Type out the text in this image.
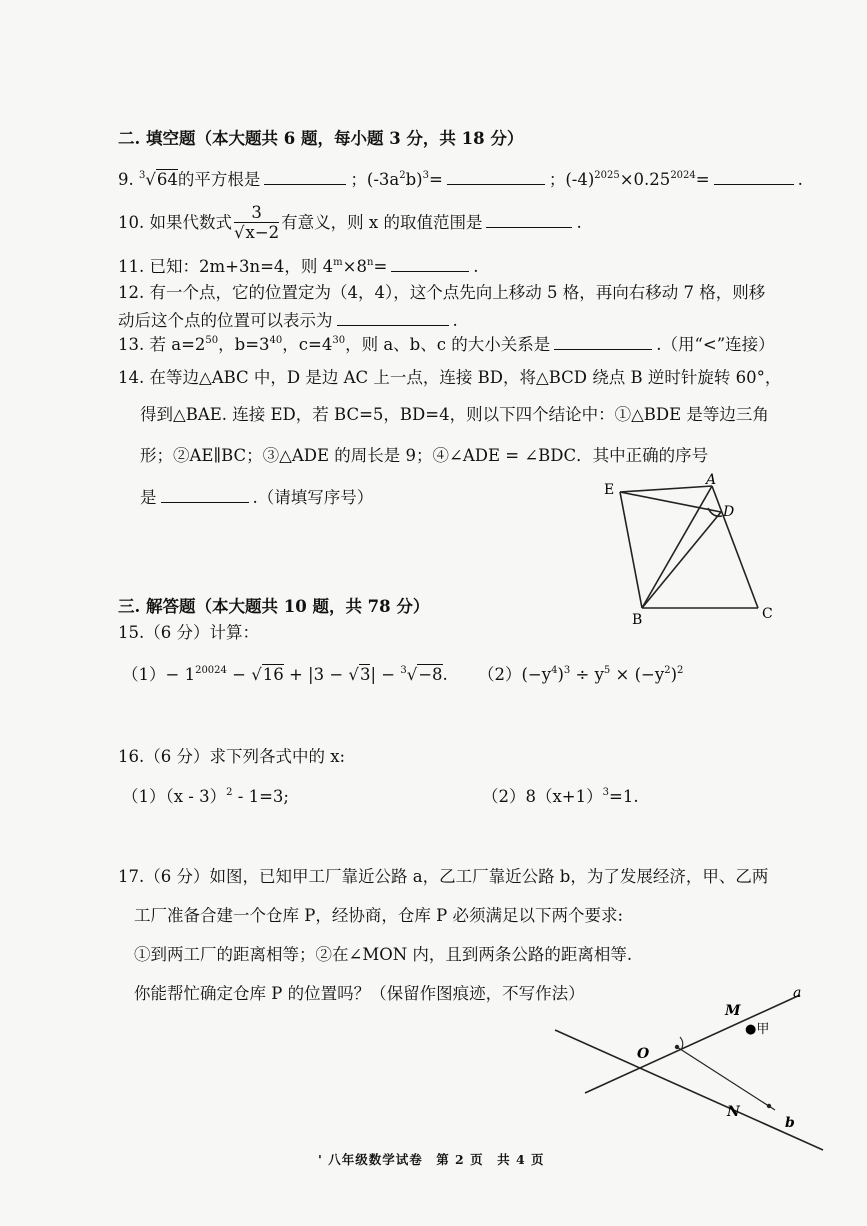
二. 填空题（本大题共 6 题，每小题 3 分，共 18 分）
9. $^3$√64的平方根是	；$(-3a^2b)^3=$	；$(-4)^{2025}\times 0.25^{2024}=$	.
10. 如果代数式 $\frac{3}{√x-2}$ 有意义，则 x 的取值范围是	.
11. 已知：2m+3n=4，则 $4^m\times 8^n=$	.
12. 有一个点，它的位置定为（4，4），这个点先向上移动 5 格，再向右移动 7 格，则移
动后这个点的位置可以表示为	.
13. 若 $a=2^{50}$，$b=3^{40}$，$c=4^{30}$，则 a、b、c 的大小关系是	.（用“<”连接）
14. 在等边△ABC 中，D 是边 AC 上一点，连接 BD，将△BCD 绕点 B 逆时针旋转 60°，
得到△BAE. 连接 ED，若 BC=5，BD=4，则以下四个结论中：①△BDE 是等边三角
形；②AE∥BC；③△ADE 的周长是 9；④∠ADE = ∠BDC．其中正确的序号
是	.（请填写序号）	E
A
D
B	C
三. 解答题（本大题共 10 题，共 78 分）
15.（6 分）计算：
$(1)- 1^{20024} - √16 + |3 - √3| - ^3√-8$. $(2)(-y^4)^3 \div y^5 \times (-y^2)^2$
16.（6 分）求下列各式中的 x:
（1）（x - 3）$^2$ - 1=3;	$(2)8(x+1)^3=1$.
17.（6 分）如图，已知甲工厂靠近公路 a，乙工厂靠近公路 b，为了发展经济，甲、乙两
工厂准备合建一个仓库 P，经协商，仓库 P 必须满足以下两个要求:
①到两工厂的距离相等；②在∠MON 内，且到两条公路的距离相等.
你能帮忙确定仓库 P 的位置吗？（保留作图痕迹，不写作法）
M
a
●甲
O
N
b
' 八年级数学试卷　第 2 页　共 4 页
